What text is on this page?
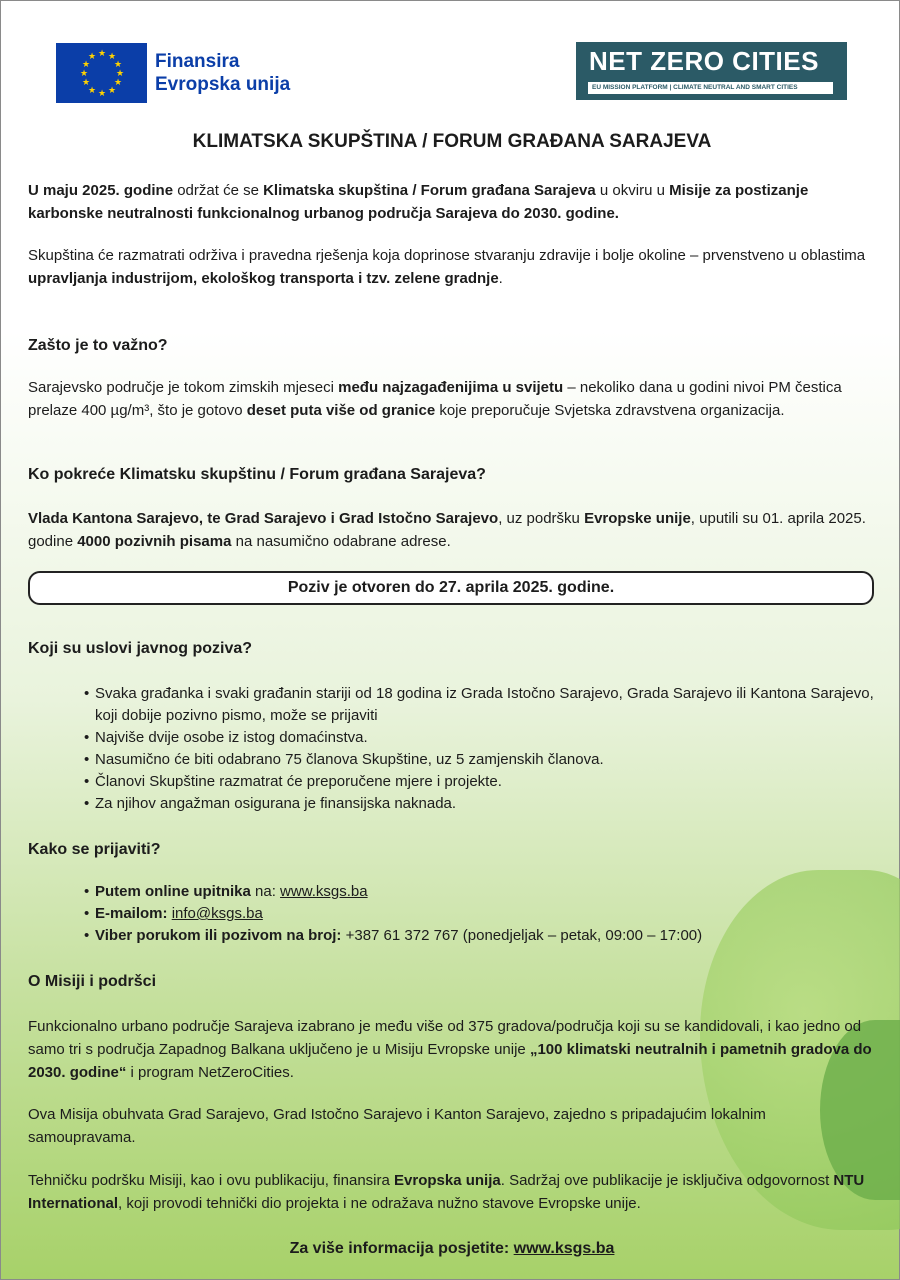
★ ★
★
★
★
★
★
★
★
★
★
★	Finansira
Evropska unija
NET ZERO CITIES
EU MISSION PLATFORM | CLIMATE NEUTRAL AND SMART CITIES
KLIMATSKA SKUPŠTINA / FORUM GRAĐANA SARAJEVA

U maju 2025. godine održat će se Klimatska skupština / Forum građana Sarajeva u okviru u Misije za postizanje karbonske neutralnosti funkcionalnog urbanog područja Sarajeva do 2030. godine.

Skupština će razmatrati održiva i pravedna rješenja koja doprinose stvaranju zdravije i bolje okoline – prvenstveno u oblastima upravljanja industrijom, ekološkog transporta i tzv. zelene gradnje.

Zašto je to važno?

Sarajevsko područje je tokom zimskih mjeseci među najzagađenijima u svijetu – nekoliko dana u godini nivoi PM čestica prelaze 400 µg/m³, što je gotovo deset puta više od granice koje preporučuje Svjetska zdravstvena organizacija.

Ko pokreće Klimatsku skupštinu / Forum građana Sarajeva?

Vlada Kantona Sarajevo, te Grad Sarajevo i Grad Istočno Sarajevo, uz podršku Evropske unije, uputili su 01. aprila 2025. godine 4000 pozivnih pisama na nasumično odabrane adrese.

Poziv je otvoren do 27. aprila 2025. godine.
Koji su uslovi javnog poziva?
• Svaka građanka i svaki građanin stariji od 18 godina iz Grada Istočno Sarajevo, Grada Sarajevo ili Kantona Sarajevo, koji dobije pozivno pismo, može se prijaviti
• Najviše dvije osobe iz istog domaćinstva.
• Nasumično će biti odabrano 75 članova Skupštine, uz 5 zamjenskih članova.
• Članovi Skupštine razmatrat će preporučene mjere i projekte.
• Za njihov angažman osigurana je finansijska naknada.
Kako se prijaviti?
• Putem online upitnika na: www.ksgs.ba
• E-mailom: info@ksgs.ba
• Viber porukom ili pozivom na broj: +387 61 372 767 (ponedjeljak – petak, 09:00 – 17:00)
O Misiji i podršci

Funkcionalno urbano područje Sarajeva izabrano je među više od 375 gradova/područja koji su se kandidovali, i kao jedno od samo tri s područja Zapadnog Balkana uključeno je u Misiju Evropske unije „100 klimatski neutralnih i pametnih gradova do 2030. godine“ i program NetZeroCities.

Ova Misija obuhvata Grad Sarajevo, Grad Istočno Sarajevo i Kanton Sarajevo, zajedno s pripadajućim lokalnim samoupravama.

Tehničku podršku Misiji, kao i ovu publikaciju, finansira Evropska unija. Sadržaj ove publikacije je isključiva odgovornost NTU International, koji provodi tehnički dio projekta i ne odražava nužno stavove Evropske unije.

Za više informacija posjetite: www.ksgs.ba
